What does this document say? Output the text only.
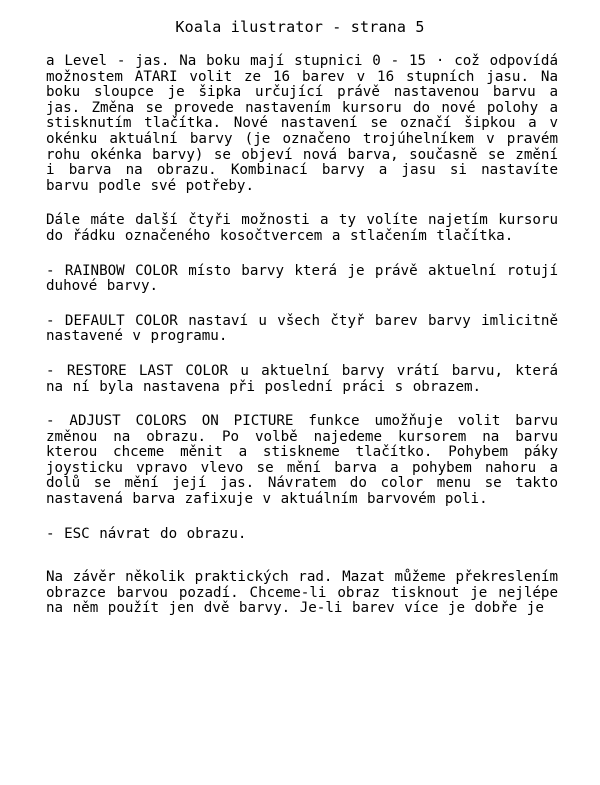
Koala ilustrator - strana 5

a Level - jas. Na boku mají stupnici 0 - 15 · což odpovídá možnostem ATARI volit ze 16 barev v 16 stupních jasu. Na boku sloupce je šipka určující právě nastavenou barvu a jas. Změna se provede nastavením kursoru do nové polohy a stisknutím tlačítka. Nové nastavení se označí šipkou a v okénku aktuální barvy (je označeno trojúhelníkem v pravém rohu okénka barvy) se objeví nová barva, současně se změní i barva na obrazu. Kombinací barvy a jasu si nastavíte barvu podle své potřeby.

Dále máte další čtyři možnosti a ty volíte najetím kursoru do řádku označeného kosočtvercem a stlačením tlačítka.

- RAINBOW COLOR místo barvy která je právě aktuelní rotují duhové barvy.

- DEFAULT COLOR nastaví u všech čtyř barev barvy imlicitně nastavené v programu.

- RESTORE LAST COLOR u aktuelní barvy vrátí barvu, která na ní byla nastavena při poslední práci s obrazem.

- ADJUST COLORS ON PICTURE funkce umožňuje volit barvu změnou na obrazu. Po volbě najedeme kursorem na barvu kterou chceme měnit a stiskneme tlačítko. Pohybem páky joysticku vpravo vlevo se mění barva a pohybem nahoru a dolů se mění její jas. Návratem do color menu se takto nastavená barva zafixuje v aktuálním barvovém poli.

- ESC návrat do obrazu.

Na závěr několik praktických rad. Mazat můžeme překreslením obrazce barvou pozadí. Chceme-li obraz tisknout je nejlépe na něm použít jen dvě barvy. Je-li barev více je dobře je
